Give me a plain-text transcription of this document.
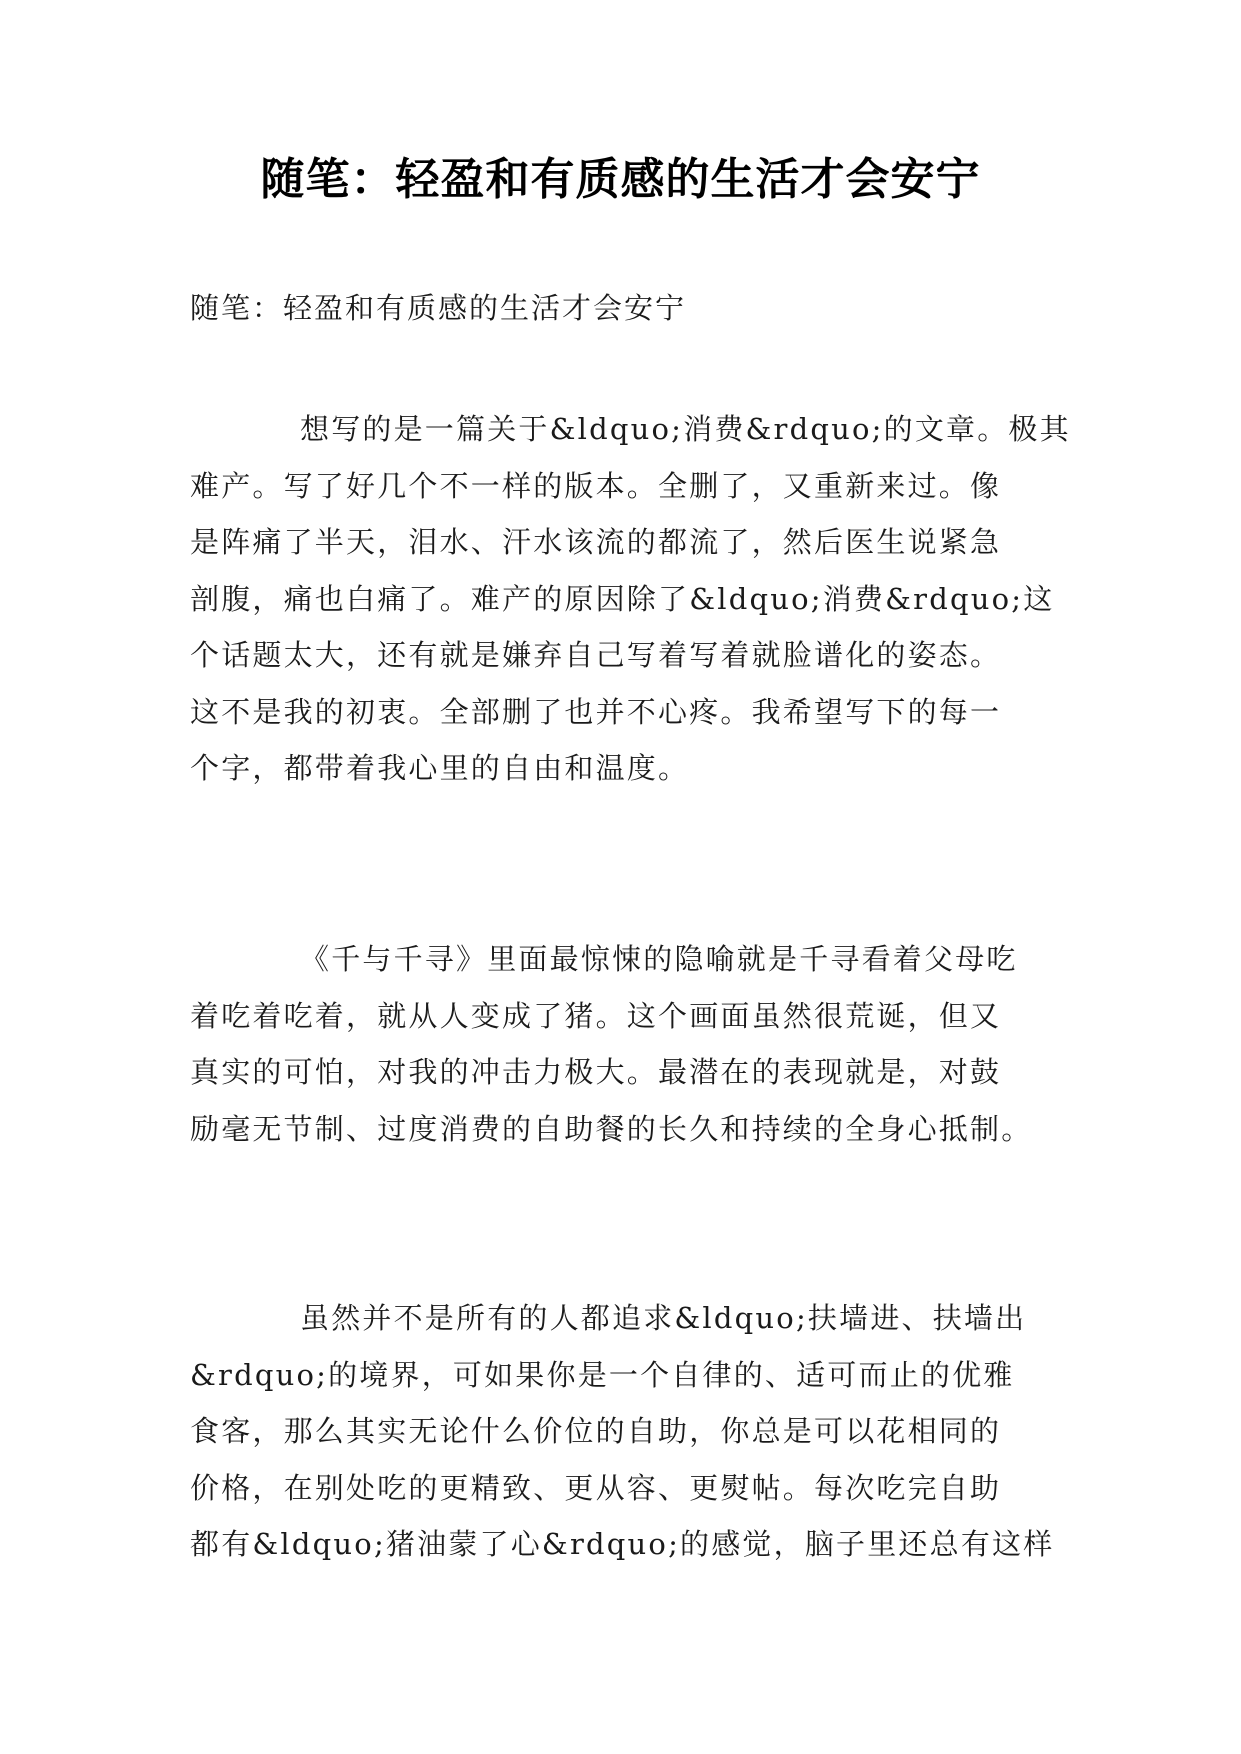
随笔：轻盈和有质感的生活才会安宁
随笔：轻盈和有质感的生活才会安宁
想写的是一篇关于&ldquo;消费&rdquo;的文章。极其
难产。写了好几个不一样的版本。全删了，又重新来过。像
是阵痛了半天，泪水、汗水该流的都流了，然后医生说紧急
剖腹，痛也白痛了。难产的原因除了&ldquo;消费&rdquo;这
个话题太大，还有就是嫌弃自己写着写着就脸谱化的姿态。
这不是我的初衷。全部删了也并不心疼。我希望写下的每一
个字，都带着我心里的自由和温度。
《千与千寻》里面最惊悚的隐喻就是千寻看着父母吃
着吃着吃着，就从人变成了猪。这个画面虽然很荒诞，但又
真实的可怕，对我的冲击力极大。最潜在的表现就是，对鼓
励毫无节制、过度消费的自助餐的长久和持续的全身心抵制。
虽然并不是所有的人都追求&ldquo;扶墙进、扶墙出
&rdquo;的境界，可如果你是一个自律的、适可而止的优雅
食客，那么其实无论什么价位的自助，你总是可以花相同的
价格，在别处吃的更精致、更从容、更熨帖。每次吃完自助
都有&ldquo;猪油蒙了心&rdquo;的感觉，脑子里还总有这样
